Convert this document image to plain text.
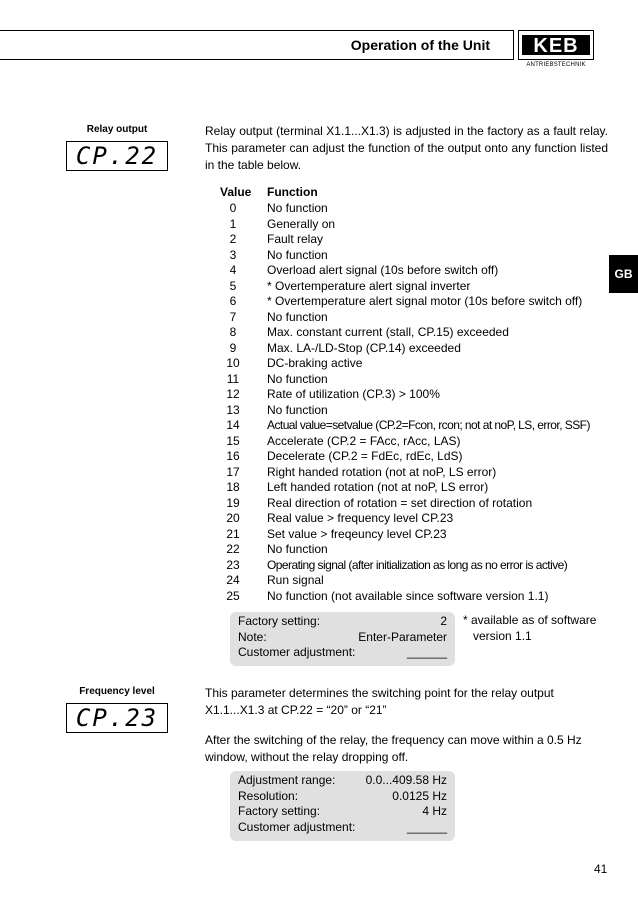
Operation of the Unit KEB
ANTRIEBSTECHNIK
GB
Relay output
CP.22
Relay output (terminal X1.1...X1.3) is adjusted in the factory as a fault relay. This parameter can adjust the function of the output onto any function listed in the table below.
Value Function
0	No function
1	Generally on
2	Fault relay
3	No function
4	Overload alert signal (10s before switch off)
5	* Overtemperature alert signal inverter
6	* Overtemperature alert signal motor (10s before switch off)
7	No function
8	Max. constant current (stall, CP.15) exceeded
9	Max. LA-/LD-Stop (CP.14) exceeded
10	DC-braking active
11	No function
12	Rate of utilization (CP.3) > 100%
13	No function
14	Actual value=setvalue (CP.2=Fcon, rcon; not at noP, LS, error, SSF)
15	Accelerate (CP.2 = FAcc, rAcc, LAS)
16	Decelerate (CP.2 = FdEc, rdEc, LdS)
17	Right handed rotation (not at noP, LS error)
18	Left handed rotation (not at noP, LS error)
19	Real direction of rotation = set direction of rotation
20	Real value > frequency level CP.23
21	Set value > freqeuncy level CP.23
22	No function
23	Operating signal (after initialization as long as no error is active)
24	Run signal
25	No function (not available since software version 1.1)
Factory setting:	2
Note:	Enter-Parameter
Customer adjustment:	______
* available as of software
version 1.1
Frequency level
CP.23
This parameter determines the switching point for the relay output X1.1...X1.3 at CP.22 = “20” or “21”
After the switching of the relay, the frequency can move within a 0.5 Hz window, without the relay dropping off.
Adjustment range:	0.0...409.58 Hz
Resolution:	0.0125 Hz
Factory setting:	4 Hz
Customer adjustment:	______
41
